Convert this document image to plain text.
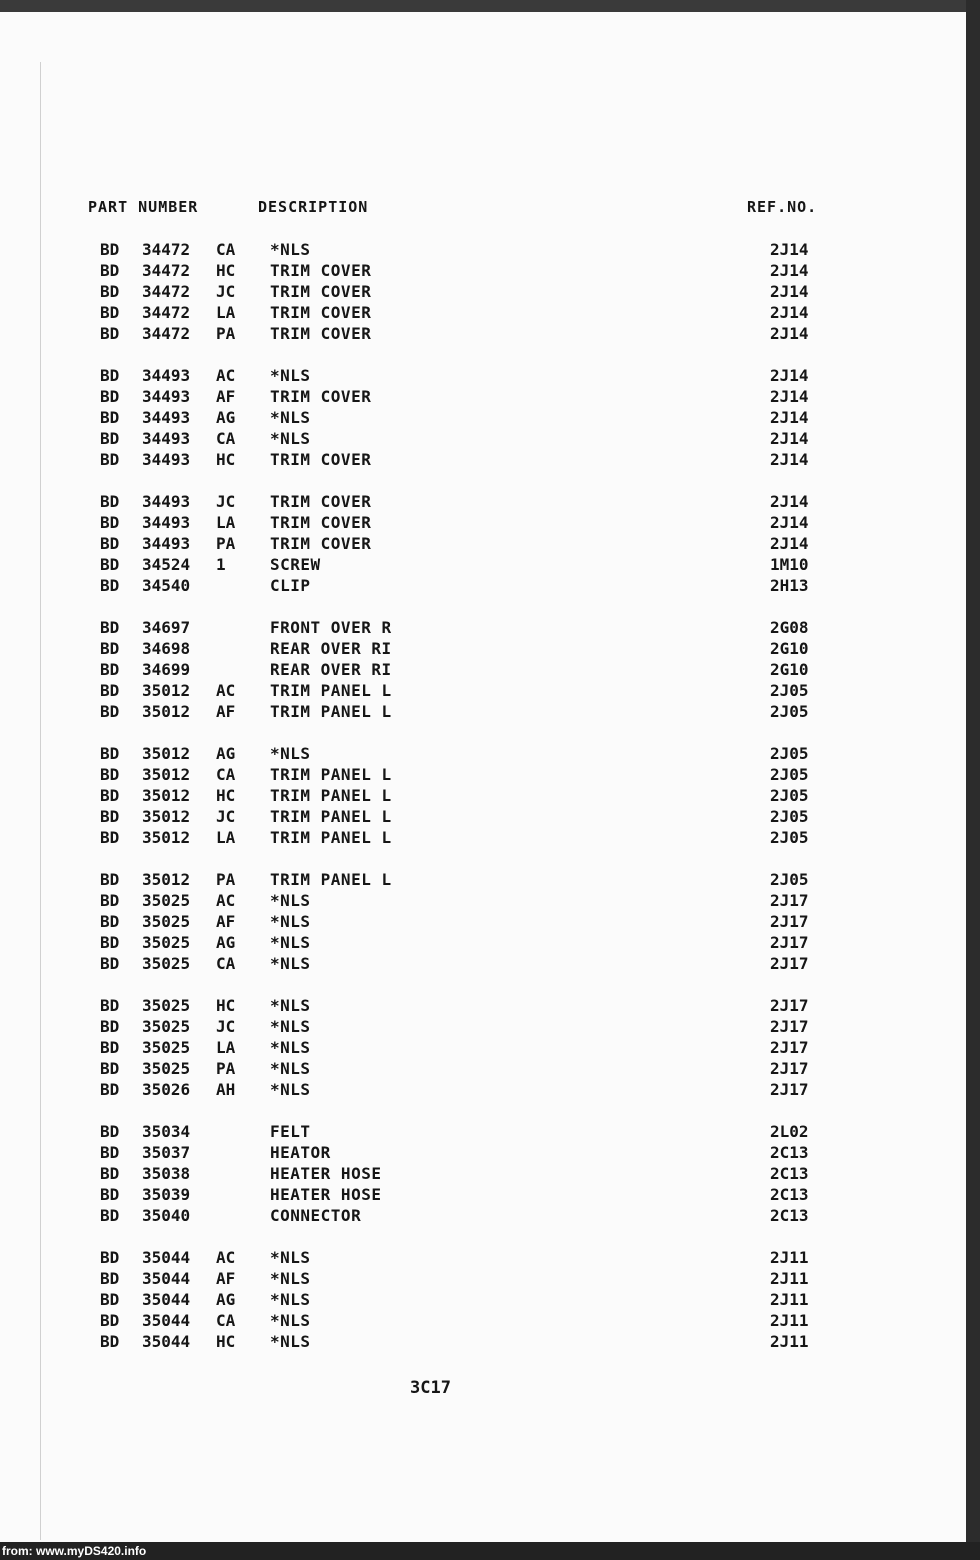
PART NUMBER	DESCRIPTION	REF.NO.
BD 34472 CA *NLS	2J14
BD 34472 HC TRIM COVER	2J14
BD 34472 JC TRIM COVER	2J14
BD 34472 LA TRIM COVER	2J14
BD 34472 PA TRIM COVER	2J14
BD 34493 AC *NLS	2J14
BD 34493 AF TRIM COVER	2J14
BD 34493 AG *NLS	2J14
BD 34493 CA *NLS	2J14
BD 34493 HC TRIM COVER	2J14
BD 34493 JC TRIM COVER	2J14
BD 34493 LA TRIM COVER	2J14
BD 34493 PA TRIM COVER	2J14
BD 34524 1	SCREW	1M10
BD 34540	CLIP	2H13
BD 34697	FRONT OVER R	2G08
BD 34698	REAR OVER RI	2G10
BD 34699	REAR OVER RI	2G10
BD 35012 AC TRIM PANEL L	2J05
BD 35012 AF TRIM PANEL L	2J05
BD 35012 AG *NLS	2J05
BD 35012 CA TRIM PANEL L	2J05
BD 35012 HC TRIM PANEL L	2J05
BD 35012 JC TRIM PANEL L	2J05
BD 35012 LA TRIM PANEL L	2J05
BD 35012 PA TRIM PANEL L	2J05
BD 35025 AC *NLS	2J17
BD 35025 AF *NLS	2J17
BD 35025 AG *NLS	2J17
BD 35025 CA *NLS	2J17
BD 35025 HC *NLS	2J17
BD 35025 JC *NLS	2J17
BD 35025 LA *NLS	2J17
BD 35025 PA *NLS	2J17
BD 35026 AH *NLS	2J17
BD 35034	FELT	2L02
BD 35037	HEATOR	2C13
BD 35038	HEATER HOSE	2C13
BD 35039	HEATER HOSE	2C13
BD 35040	CONNECTOR	2C13
BD 35044 AC *NLS	2J11
BD 35044 AF *NLS	2J11
BD 35044 AG *NLS	2J11
BD 35044 CA *NLS	2J11
BD 35044 HC *NLS	2J11
3C17
from: www.myDS420.info
